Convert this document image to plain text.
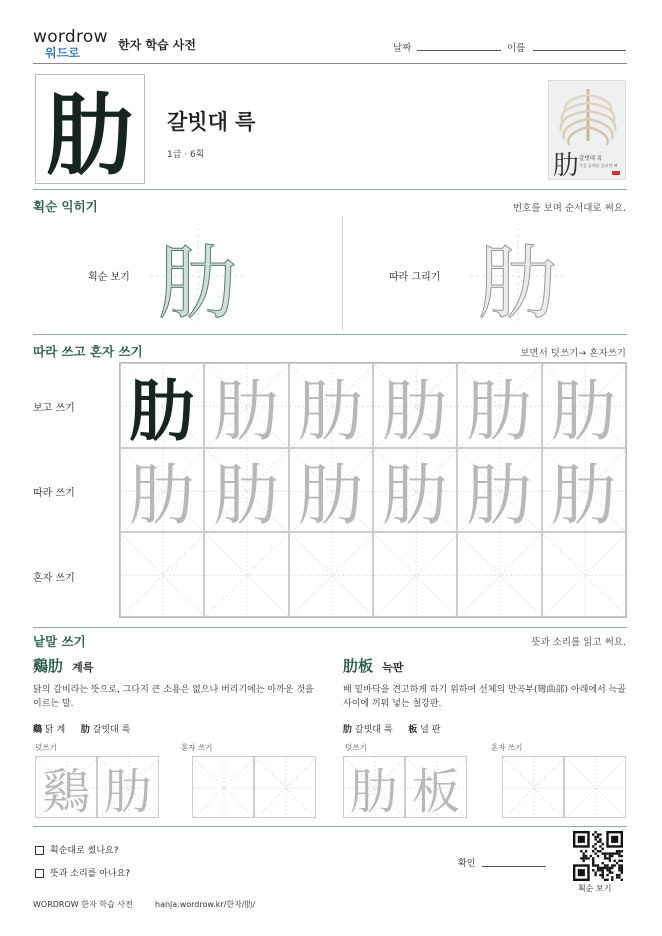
wordrow
워드로
한자 학습 사전	날짜	이름
肋	갈빗대 륵
1급 · 6획	肋 갈빗대 륵
가슴 둘레를 둘러싼 뼈
획순 익히기	번호를 보며 순서대로 써요.
획순 보기 肋	따라 그리기 肋
따라 쓰고 혼자 쓰기	보면서 덧쓰기→ 혼자쓰기
보고 쓰기
따라 쓰기
혼자 쓰기
肋 肋 肋 肋 肋 肋
肋 肋 肋 肋 肋 肋
낱말 쓰기	뜻과 소리를 읽고 써요.
鷄肋 계륵
닭의 갈비라는 뜻으로, 그다지 큰 소용은 없으나 버리기에는 아까운 것을 이르는 말.
鷄 닭 계 肋 갈빗대 륵
덧쓰기	혼자 쓰기
鷄 肋
肋板 늑판
배 밑바닥을 견고하게 하기 위하여 선체의 만곡부(彎曲部) 아래에서 늑골 사이에 끼워 넣는 철강판.
肋 갈빗대 륵 板 널 판
덧쓰기	혼자 쓰기
肋 板
획순대로 썼나요?
뜻과 소리를 아나요?
확인
획순 보기
WORDROW 한자 학습 사전	hanja.wordrow.kr/한자/肋/
